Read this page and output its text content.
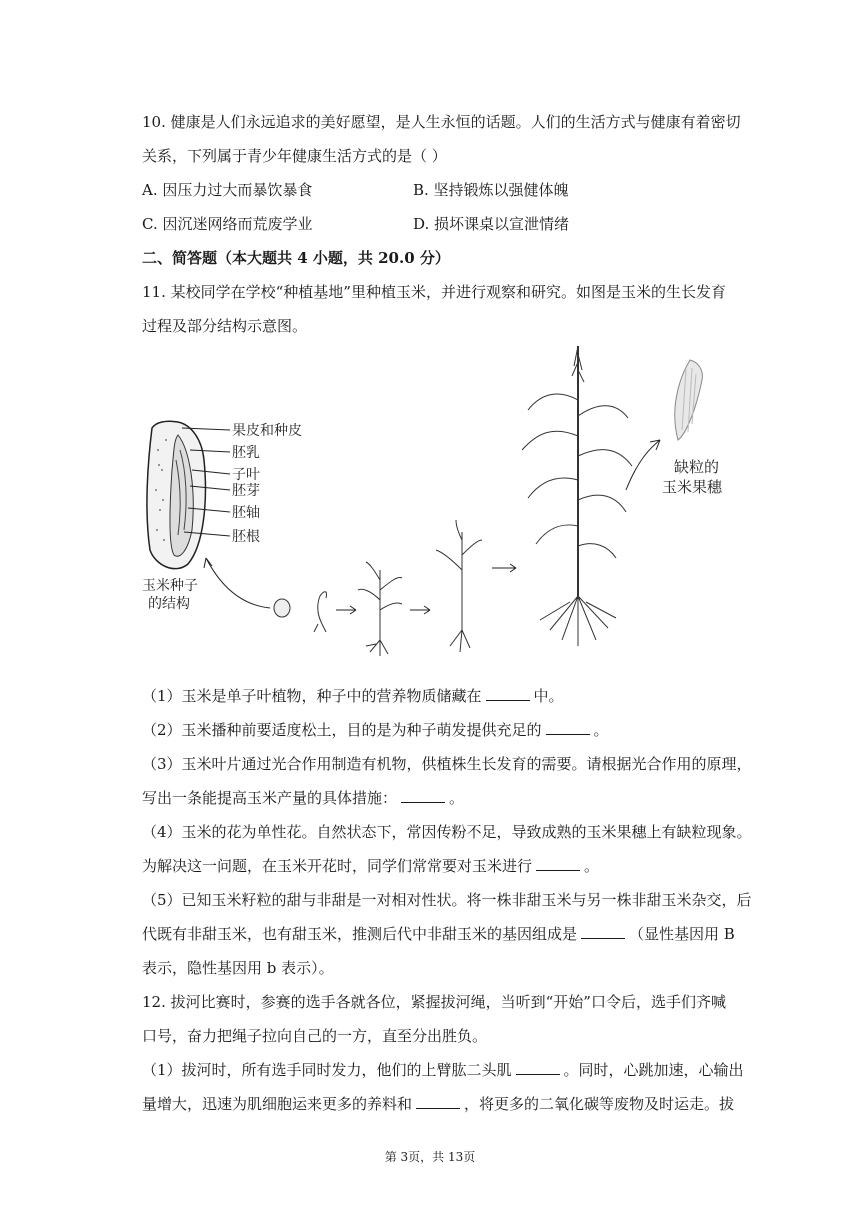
10. 健康是人们永远追求的美好愿望，是人生永恒的话题。人们的生活方式与健康有着密切
关系，下列属于青少年健康生活方式的是（ ）
A. 因压力过大而暴饮暴食	B. 坚持锻炼以强健体魄
C. 因沉迷网络而荒废学业	D. 损坏课桌以宣泄情绪
二、简答题（本大题共 4 小题，共 20.0 分）
11. 某校同学在学校“种植基地”里种植玉米，并进行观察和研究。如图是玉米的生长发育
过程及部分结构示意图。
果皮和种皮
胚乳
子叶
胚芽
胚轴
胚根
玉米种子
的结构
缺粒的
玉米果穗
（1）玉米是单子叶植物，种子中的营养物质储藏在	中。
（2）玉米播种前要适度松土，目的是为种子萌发提供充足的	。
（3）玉米叶片通过光合作用制造有机物，供植株生长发育的需要。请根据光合作用的原理，
写出一条能提高玉米产量的具体措施：	。
（4）玉米的花为单性花。自然状态下，常因传粉不足，导致成熟的玉米果穗上有缺粒现象。
为解决这一问题，在玉米开花时，同学们常常要对玉米进行	。
（5）已知玉米籽粒的甜与非甜是一对相对性状。将一株非甜玉米与另一株非甜玉米杂交，后
代既有非甜玉米，也有甜玉米，推测后代中非甜玉米的基因组成是	（显性基因用 B
表示，隐性基因用 b 表示）。
12. 拔河比赛时，参赛的选手各就各位，紧握拔河绳，当听到“开始”口令后，选手们齐喊
口号，奋力把绳子拉向自己的一方，直至分出胜负。
（1）拔河时，所有选手同时发力，他们的上臂肱二头肌	。同时，心跳加速，心输出
量增大，迅速为肌细胞运来更多的养料和	，将更多的二氧化碳等废物及时运走。拔
第 3页，共 13页
